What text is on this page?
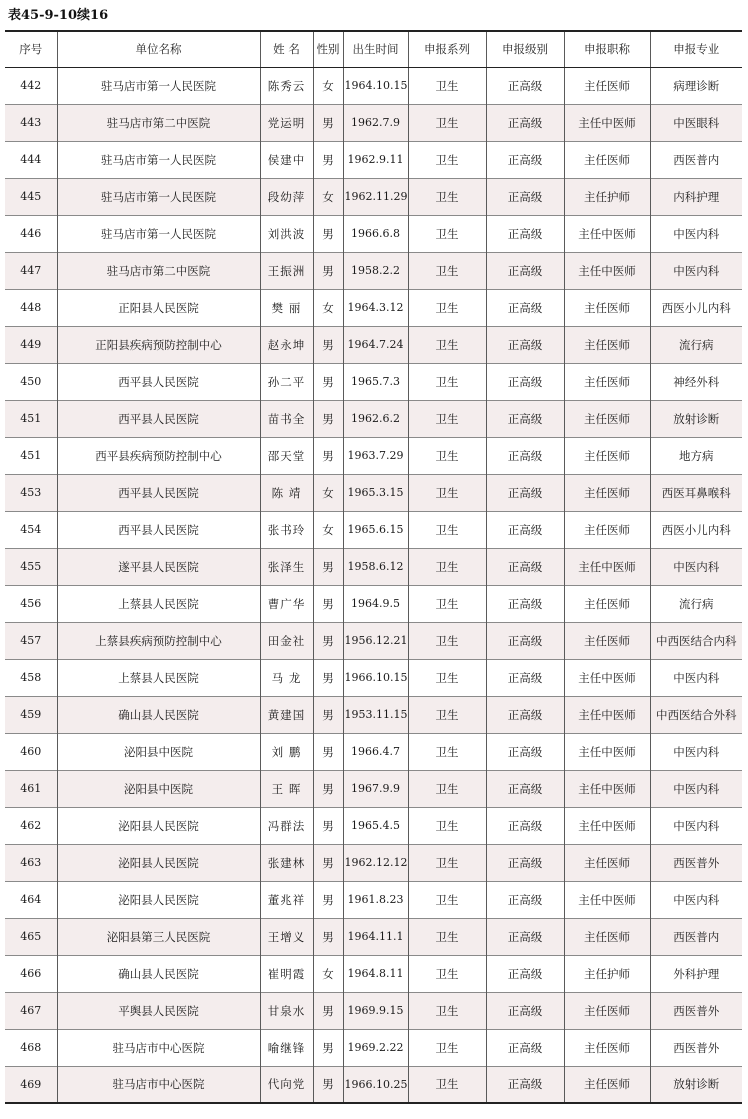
表45-9-10续16
序号	单位名称	姓 名	性别	出生时间	申报系列	申报级别	申报职称	申报专业
442	驻马店市第一人民医院	陈秀云	女	1964.10.15	卫生	正高级	主任医师	病理诊断
443	驻马店市第二中医院	党运明	男	1962.7.9	卫生	正高级	主任中医师	中医眼科
444	驻马店市第一人民医院	侯建中	男	1962.9.11	卫生	正高级	主任医师	西医普内
445	驻马店市第一人民医院	段幼萍	女	1962.11.29	卫生	正高级	主任护师	内科护理
446	驻马店市第一人民医院	刘洪波	男	1966.6.8	卫生	正高级	主任中医师	中医内科
447	驻马店市第二中医院	王振洲	男	1958.2.2	卫生	正高级	主任中医师	中医内科
448	正阳县人民医院	樊 丽	女	1964.3.12	卫生	正高级	主任医师	西医小儿内科
449	正阳县疾病预防控制中心	赵永坤	男	1964.7.24	卫生	正高级	主任医师	流行病
450	西平县人民医院	孙二平	男	1965.7.3	卫生	正高级	主任医师	神经外科
451	西平县人民医院	苗书全	男	1962.6.2	卫生	正高级	主任医师	放射诊断
451	西平县疾病预防控制中心	邵天堂	男	1963.7.29	卫生	正高级	主任医师	地方病
453	西平县人民医院	陈 靖	女	1965.3.15	卫生	正高级	主任医师	西医耳鼻喉科
454	西平县人民医院	张书玲	女	1965.6.15	卫生	正高级	主任医师	西医小儿内科
455	遂平县人民医院	张泽生	男	1958.6.12	卫生	正高级	主任中医师	中医内科
456	上蔡县人民医院	曹广华	男	1964.9.5	卫生	正高级	主任医师	流行病
457	上蔡县疾病预防控制中心	田金社	男	1956.12.21	卫生	正高级	主任医师	中西医结合内科
458	上蔡县人民医院	马 龙	男	1966.10.15	卫生	正高级	主任中医师	中医内科
459	确山县人民医院	黄建国	男	1953.11.15	卫生	正高级	主任中医师	中西医结合外科
460	泌阳县中医院	刘 鹏	男	1966.4.7	卫生	正高级	主任中医师	中医内科
461	泌阳县中医院	王 晖	男	1967.9.9	卫生	正高级	主任中医师	中医内科
462	泌阳县人民医院	冯群法	男	1965.4.5	卫生	正高级	主任中医师	中医内科
463	泌阳县人民医院	张建林	男	1962.12.12	卫生	正高级	主任医师	西医普外
464	泌阳县人民医院	董兆祥	男	1961.8.23	卫生	正高级	主任中医师	中医内科
465	泌阳县第三人民医院	王增义	男	1964.11.1	卫生	正高级	主任医师	西医普内
466	确山县人民医院	崔明霞	女	1964.8.11	卫生	正高级	主任护师	外科护理
467	平舆县人民医院	甘泉水	男	1969.9.15	卫生	正高级	主任医师	西医普外
468	驻马店市中心医院	喻继锋	男	1969.2.22	卫生	正高级	主任医师	西医普外
469	驻马店市中心医院	代向党	男	1966.10.25	卫生	正高级	主任医师	放射诊断
